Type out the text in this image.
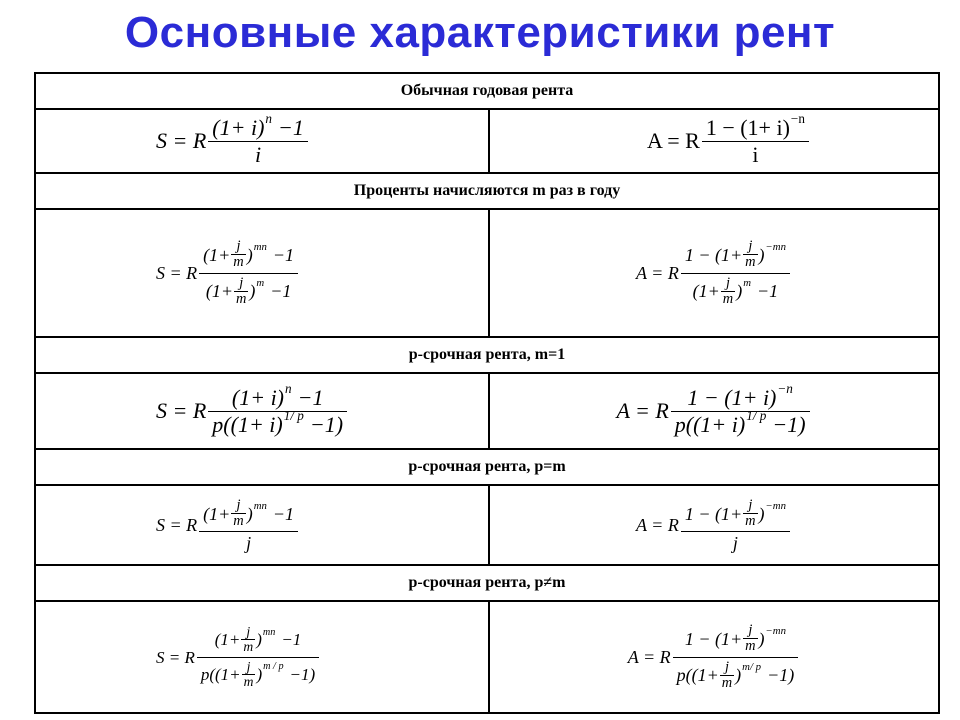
Основные характеристики рент
Обычная годовая рента
S = R $\frac{(1+ i)^n -1}{i}$	A = R $\frac{1 - (1+ i)^{-n}}{i}$
Проценты начисляются m раз в году
S = R $\frac{(1+ \frac{j}{m} )^{mn} -1}{(1+ \frac{j}{m} )^m -1}$	A = R $\frac{1 - (1+ \frac{j}{m} )^{-mn}}{(1+ \frac{j}{m} )^m -1}$
p-срочная рента, m=1
S = R $\frac{(1+ i)^n -1}{p((1+ i)^{1/ p} -1)}$	A = R $\frac{1 - (1+ i)^{-n}}{p((1+ i)^{1/ p} -1)}$
p-срочная рента, p=m
S = R $\frac{(1+ \frac{j}{m} )^{mn} -1}{j}$	A = R $\frac{1 - (1+ \frac{j}{m} )^{-mn}}{j}$
p-срочная рента, p≠m
S = R $\frac{(1+ \frac{j}{m} )^{mn} -1}{p((1+ \frac{j}{m} )^{m / p} -1)}$	A = R $\frac{1 - (1+ \frac{j}{m} )^{-mn}}{p((1+ \frac{j}{m} )^{m/ p} -1)}$
